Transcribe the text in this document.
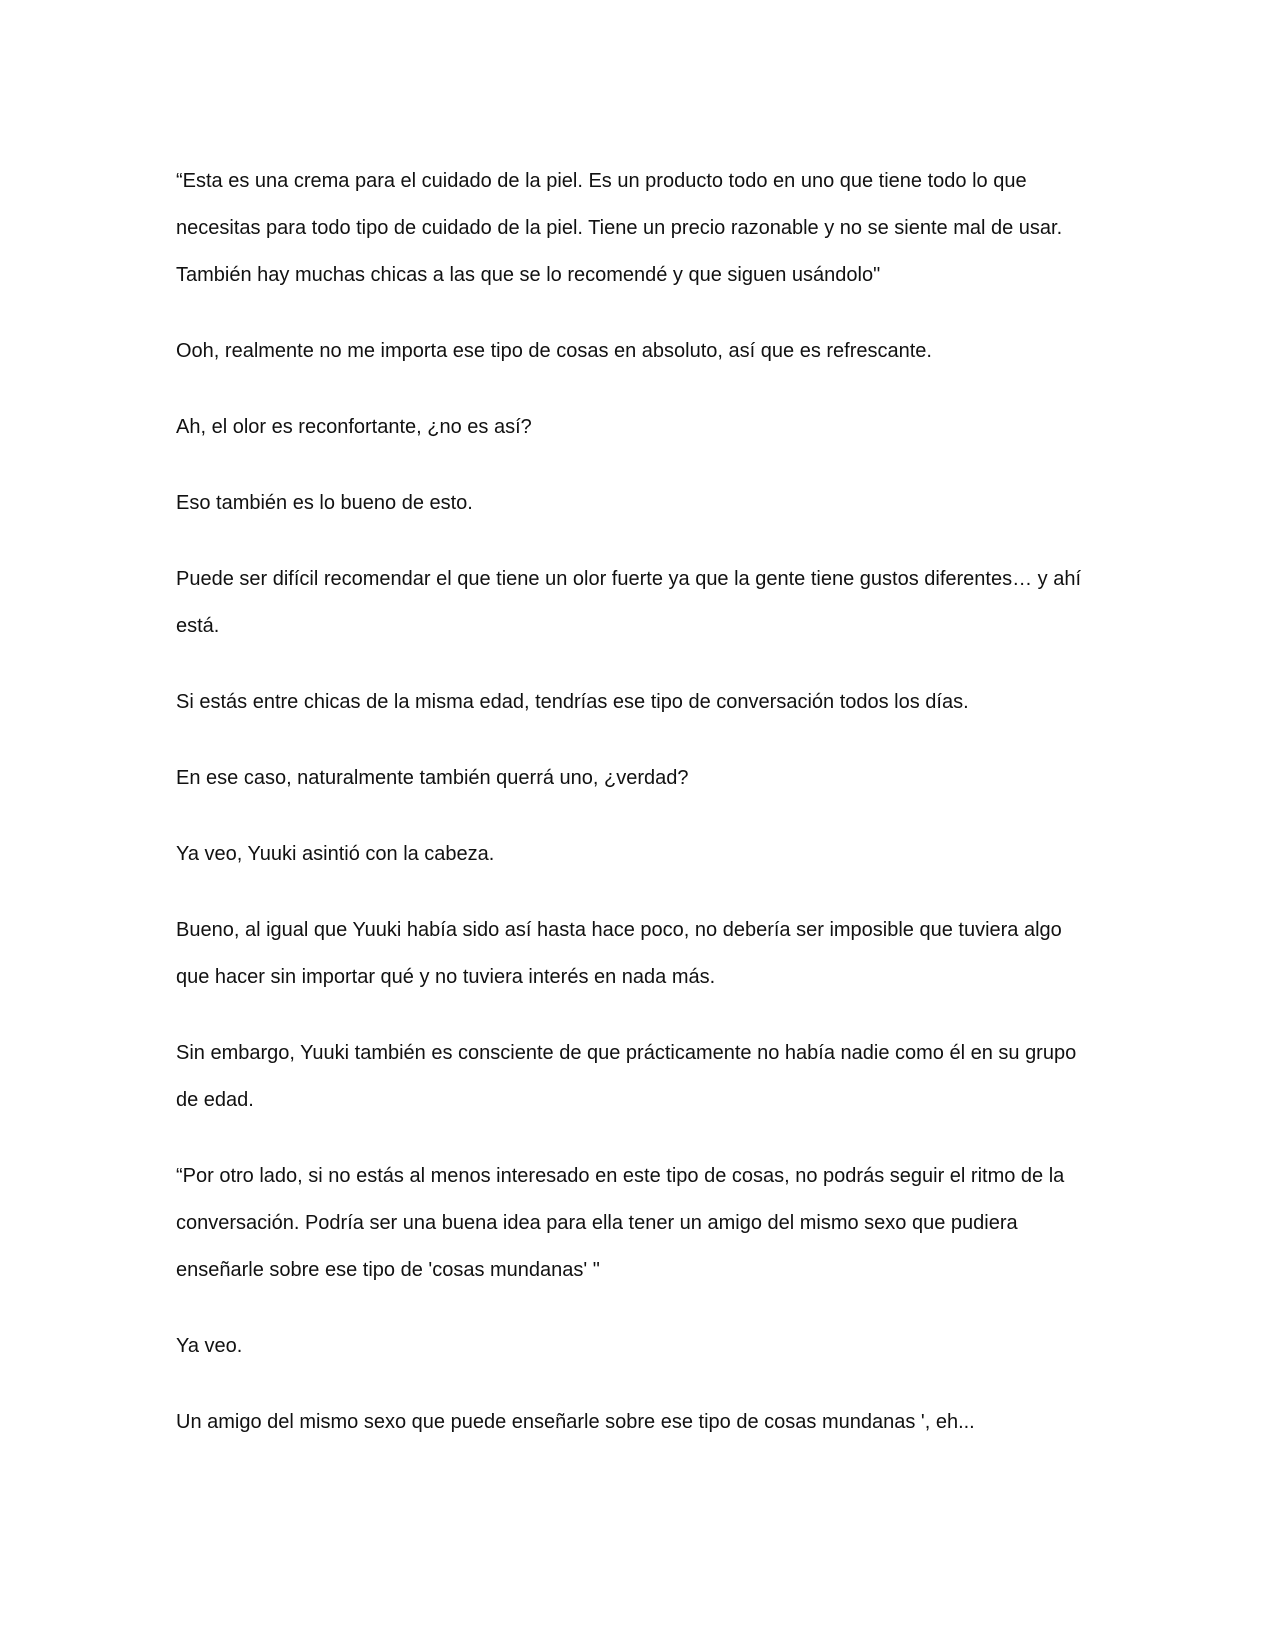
“Esta es una crema para el cuidado de la piel. Es un producto todo en uno que tiene todo lo que necesitas para todo tipo de cuidado de la piel. Tiene un precio razonable y no se siente mal de usar. También hay muchas chicas a las que se lo recomendé y que siguen usándolo"

Ooh, realmente no me importa ese tipo de cosas en absoluto, así que es refrescante.

Ah, el olor es reconfortante, ¿no es así?

Eso también es lo bueno de esto.

Puede ser difícil recomendar el que tiene un olor fuerte ya que la gente tiene gustos diferentes… y ahí está.

Si estás entre chicas de la misma edad, tendrías ese tipo de conversación todos los días.

En ese caso, naturalmente también querrá uno, ¿verdad?

Ya veo, Yuuki asintió con la cabeza.

Bueno, al igual que Yuuki había sido así hasta hace poco, no debería ser imposible que tuviera algo que hacer sin importar qué y no tuviera interés en nada más.

Sin embargo, Yuuki también es consciente de que prácticamente no había nadie como él en su grupo de edad.

“Por otro lado, si no estás al menos interesado en este tipo de cosas, no podrás seguir el ritmo de la conversación. Podría ser una buena idea para ella tener un amigo del mismo sexo que pudiera enseñarle sobre ese tipo de 'cosas mundanas' "

Ya veo.

Un amigo del mismo sexo que puede enseñarle sobre ese tipo de cosas mundanas ', eh...
